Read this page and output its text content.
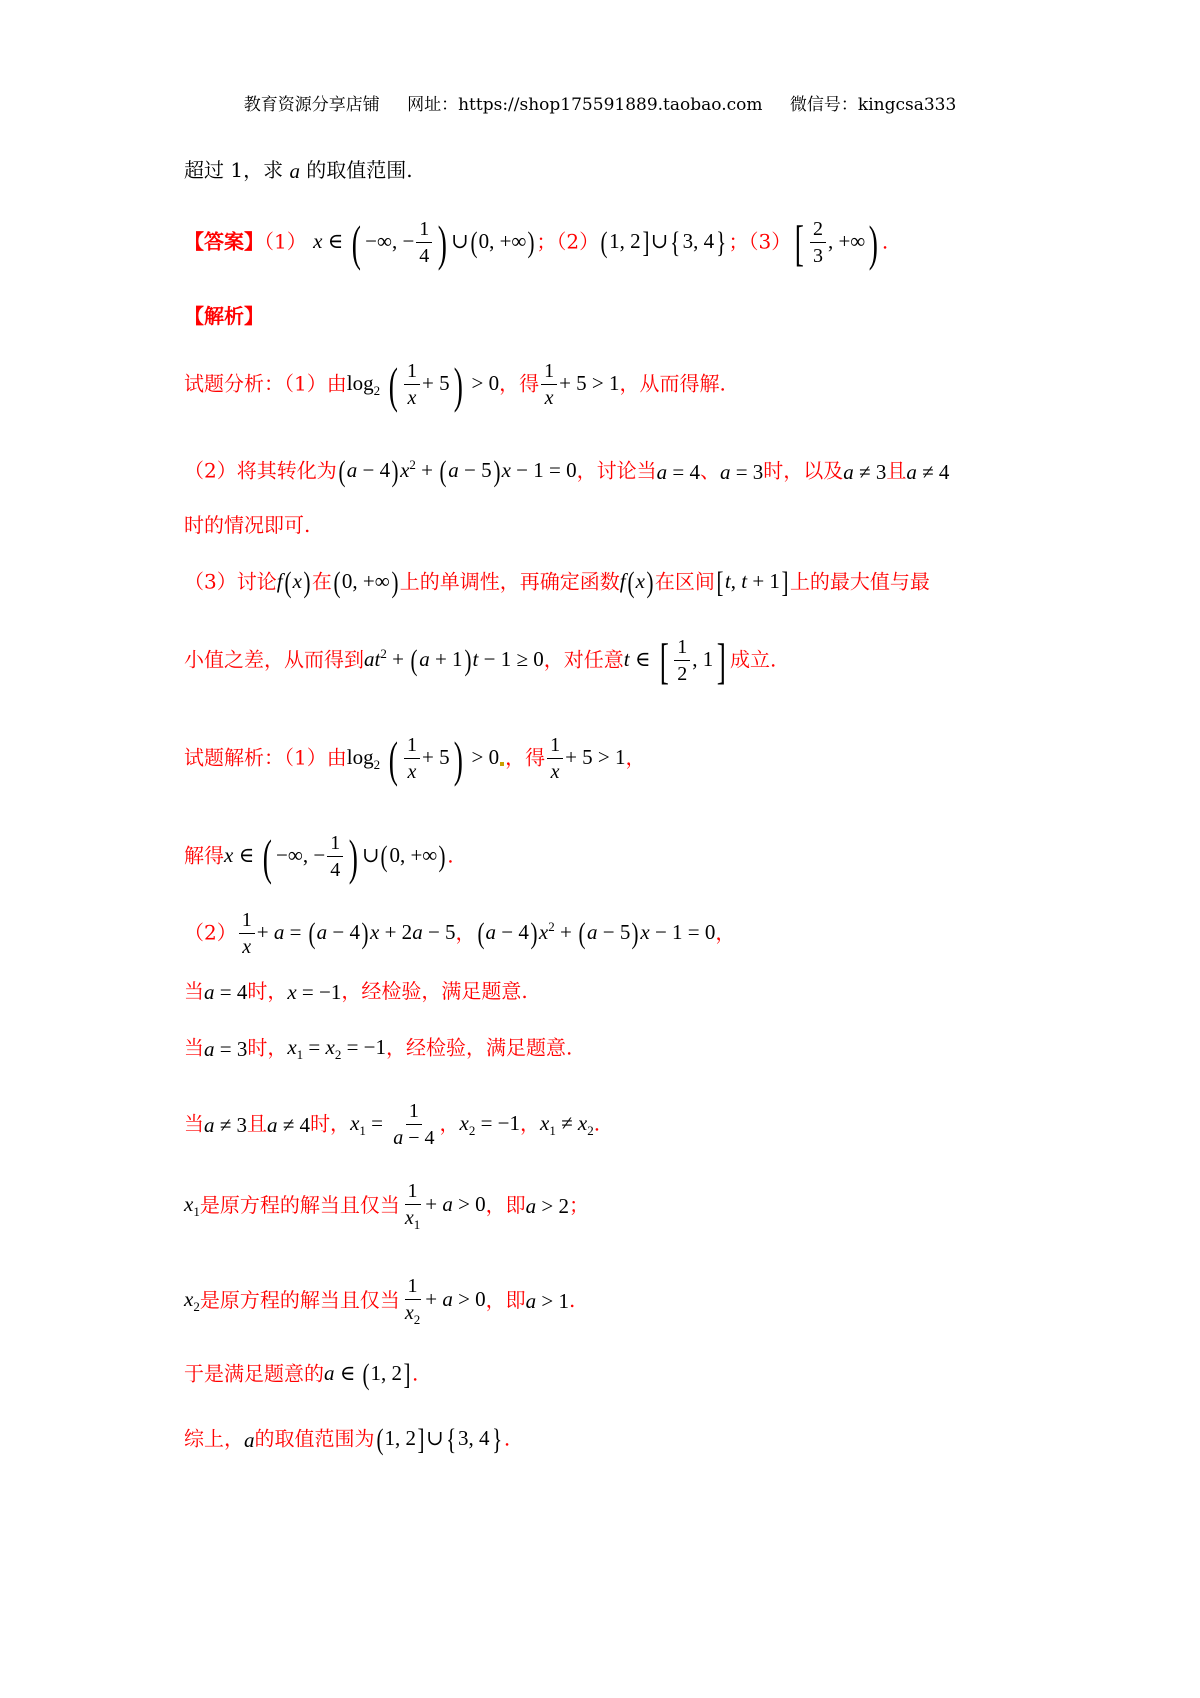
教育资源分享店铺 网址：https://shop175591889.taobao.com 微信号：kingcsa333
超过 1，求 a 的取值范围.
【答案】（1） x ∈ ( −∞, − $\frac{1}{4}$ ) ∪(0, +∞)；（2）(1, 2]∪{ 3, 4} ；$(3)[ \frac{2}{3}$ , +∞) .
【解析】
试题分析：（1）由$\log_2$ ( $\frac{1}{x} + 5) > 0$，得 $\frac{1}{x} + 5 > 1$，从而得解.
（2）将其转化为$(a - 4)x^2 + (a - 5)x - 1 = 0$，讨论当a = 4、a = 3时，以及a ≠ 3且a ≠ 4
时的情况即可.
（3）讨论f(x)在(0, +∞)上的单调性，再确定函数f(x)在区间[t, t + 1]上的最大值与最
小值之差，从而得到$at^2 + (a + 1)t - 1 \ge 0$，对任意t ∈ [ $\frac{1}{2}$ , 1] 成立.
试题解析：（1）由$\log_2$ ( $\frac{1}{x} + 5) > 0$ ，得 $\frac{1}{x} + 5 > 1$，
解得x ∈ ( −∞, − $\frac{1}{4}$ ) ∪(0, +∞).
$(2) \frac{1}{x} + a = (a - 4)x + 2a - 5$，$(a - 4)x^2 + (a - 5)x - 1 = 0$，
当a = 4时，x = −1，经检验，满足题意.
当a = 3时，$x_1 = x_2 = -1$，经检验，满足题意.
当a ≠ 3且a ≠ 4时，$x_1 = \frac{1}{a - 4}$ ，$x_2 = -1$，$x_1 \ne x_2$.
$x_1$是原方程的解当且仅当 $\frac{1}{x_1} + a > 0$，即a > 2；
$x_2$是原方程的解当且仅当 $\frac{1}{x_2} + a > 0$，即a > 1.
于是满足题意的a ∈ (1, 2].
综上，a的取值范围为(1, 2]∪{ 3, 4} .
